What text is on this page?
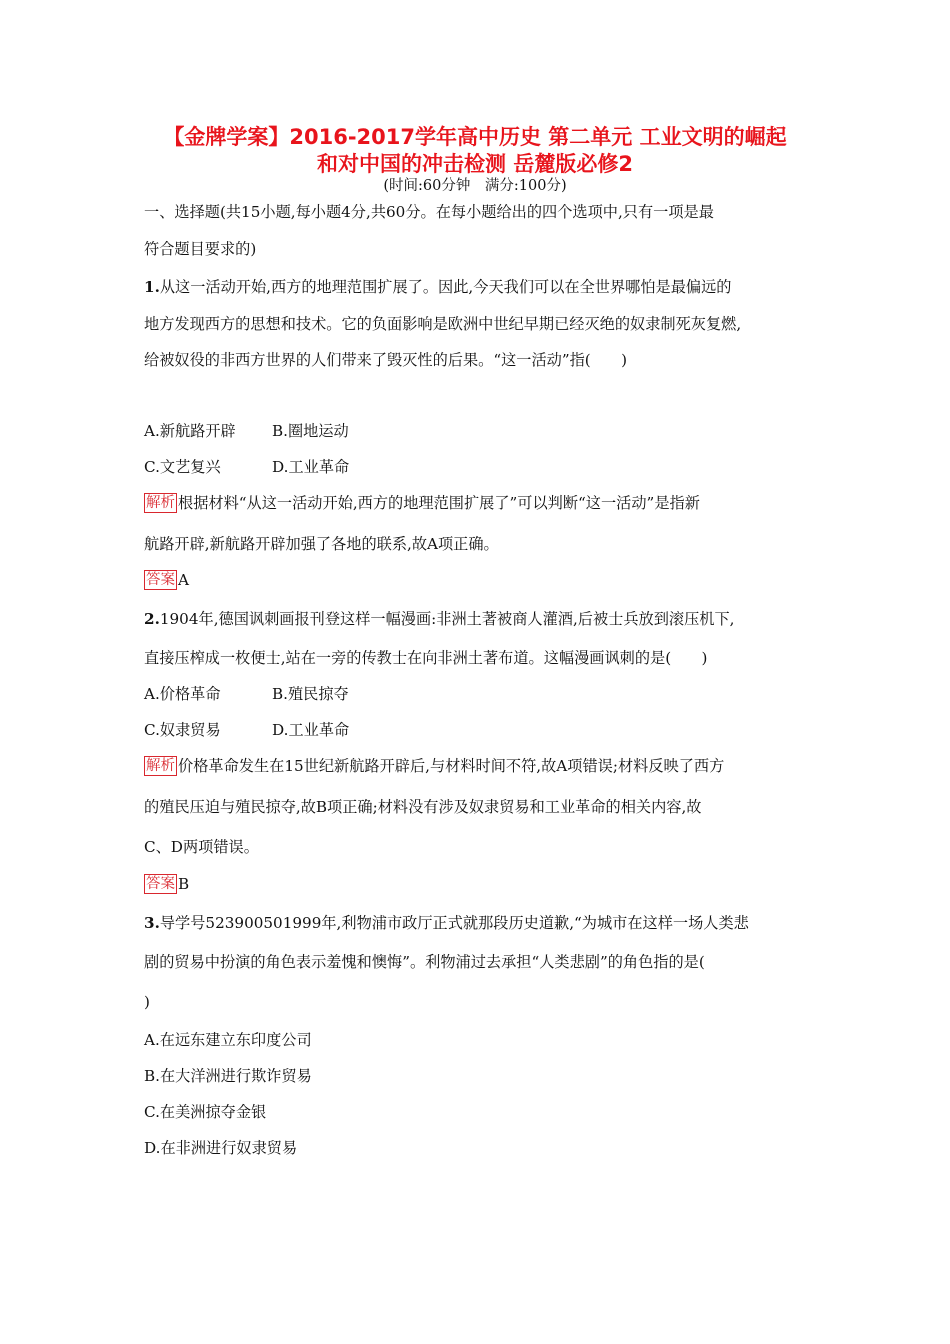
【金牌学案】2016-2017学年高中历史 第二单元 工业文明的崛起
和对中国的冲击检测 岳麓版必修2
(时间:60分钟　满分:100分)
一、选择题(共15小题,每小题4分,共60分。在每小题给出的四个选项中,只有一项是最
符合题目要求的)
1.从这一活动开始,西方的地理范围扩展了。因此,今天我们可以在全世界哪怕是最偏远的
地方发现西方的思想和技术。它的负面影响是欧洲中世纪早期已经灭绝的奴隶制死灰复燃,
给被奴役的非西方世界的人们带来了毁灭性的后果。“这一活动”指(　　)
A.新航路开辟 B.圈地运动
C.文艺复兴	D.工业革命
解析 根据材料“从这一活动开始,西方的地理范围扩展了”可以判断“这一活动”是指新
航路开辟,新航路开辟加强了各地的联系,故A项正确。
答案 A
2.1904年,德国讽刺画报刊登这样一幅漫画:非洲土著被商人灌酒,后被士兵放到滚压机下,
直接压榨成一枚便士,站在一旁的传教士在向非洲土著布道。这幅漫画讽刺的是(　　)
A.价格革命	B.殖民掠夺
C.奴隶贸易	D.工业革命
解析 价格革命发生在15世纪新航路开辟后,与材料时间不符,故A项错误;材料反映了西方
的殖民压迫与殖民掠夺,故B项正确;材料没有涉及奴隶贸易和工业革命的相关内容,故
C、D两项错误。
答案 B
3.导学号523900501999年,利物浦市政厅正式就那段历史道歉,“为城市在这样一场人类悲
剧的贸易中扮演的角色表示羞愧和懊悔”。利物浦过去承担“人类悲剧”的角色指的是(
)
A.在远东建立东印度公司
B.在大洋洲进行欺诈贸易
C.在美洲掠夺金银
D.在非洲进行奴隶贸易
